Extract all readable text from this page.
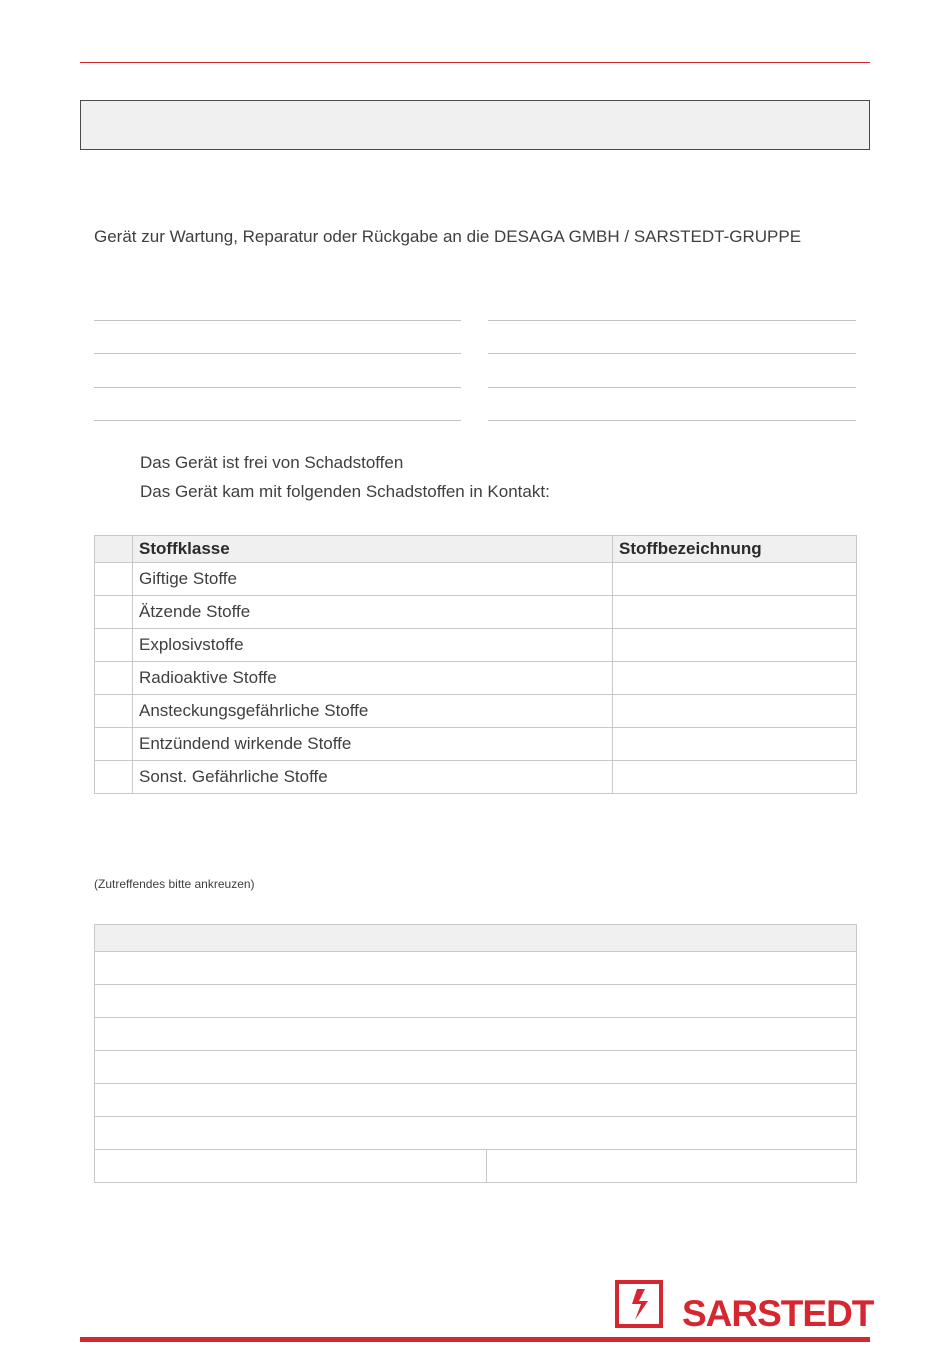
Gerät zur Wartung, Reparatur oder Rückgabe an die DESAGA GMBH / SARSTEDT-GRUPPE
Das Gerät ist frei von Schadstoffen
Das Gerät kam mit folgenden Schadstoffen in Kontakt:
	Stoffklasse	Stoffbezeichnung
	Giftige Stoffe	
	Ätzende Stoffe	
	Explosivstoffe	
	Radioaktive Stoffe	
	Ansteckungsgefährliche Stoffe	
	Entzündend wirkende Stoffe	
	Sonst. Gefährliche Stoffe	
(Zutreffendes bitte ankreuzen)

SARSTEDT
